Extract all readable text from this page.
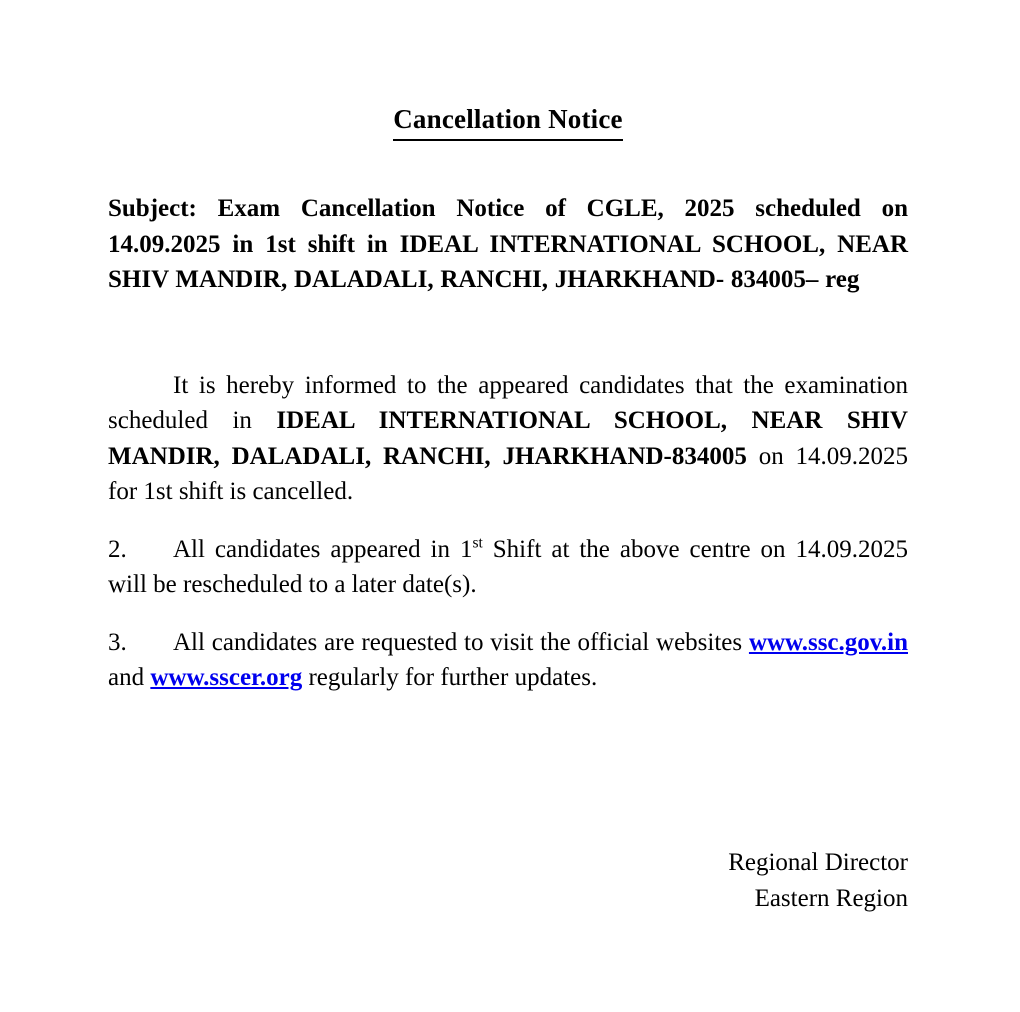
Cancellation Notice

Subject: Exam Cancellation Notice of CGLE, 2025 scheduled on 14.09.2025 in 1st shift in IDEAL INTERNATIONAL SCHOOL, NEAR SHIV MANDIR, DALADALI, RANCHI, JHARKHAND- 834005– reg

It is hereby informed to the appeared candidates that the examination scheduled in IDEAL INTERNATIONAL SCHOOL, NEAR SHIV MANDIR, DALADALI, RANCHI, JHARKHAND-834005 on 14.09.2025 for 1st shift is cancelled.

2. All candidates appeared in 1st Shift at the above centre on 14.09.2025 will be rescheduled to a later date(s).

3. All candidates are requested to visit the official websites www.ssc.gov.in and www.sscer.org regularly for further updates.

Regional Director
Eastern Region
